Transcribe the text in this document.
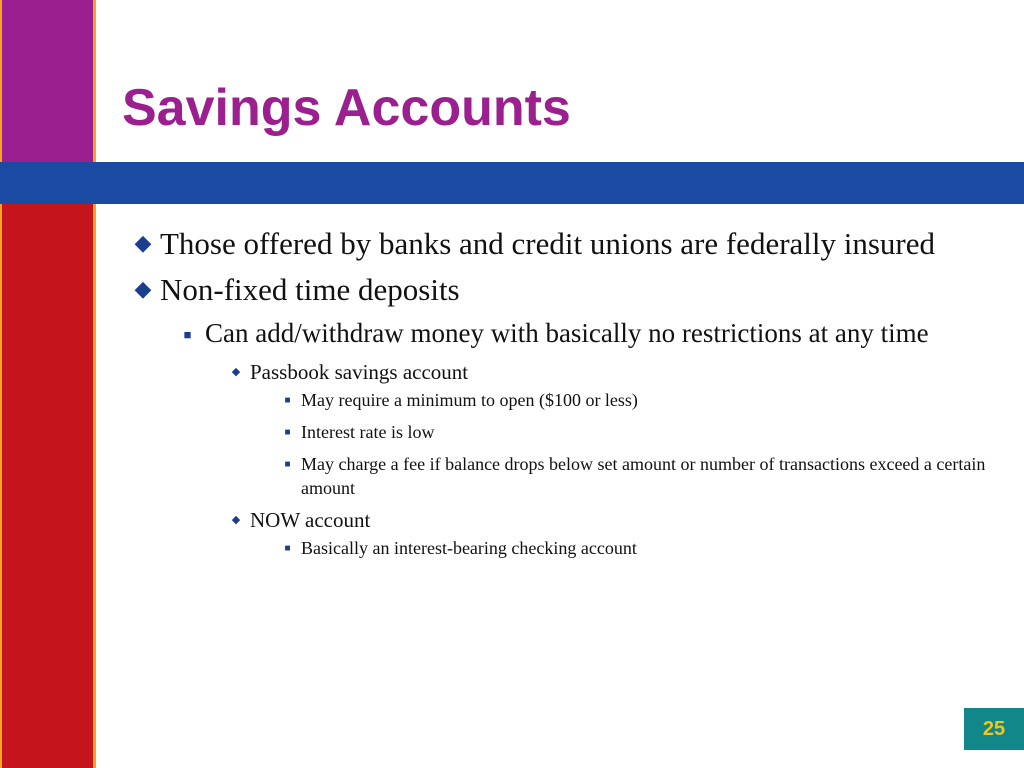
Savings Accounts
◆ Those offered by banks and credit unions are federally insured
◆ Non-fixed time deposits
■ Can add/withdraw money with basically no restrictions at any time
◆ Passbook savings account
■ May require a minimum to open ($100 or less)
■ Interest rate is low
■ May charge a fee if balance drops below set amount or number of transactions exceed a certain amount
◆ NOW account
■ Basically an interest-bearing checking account
25
